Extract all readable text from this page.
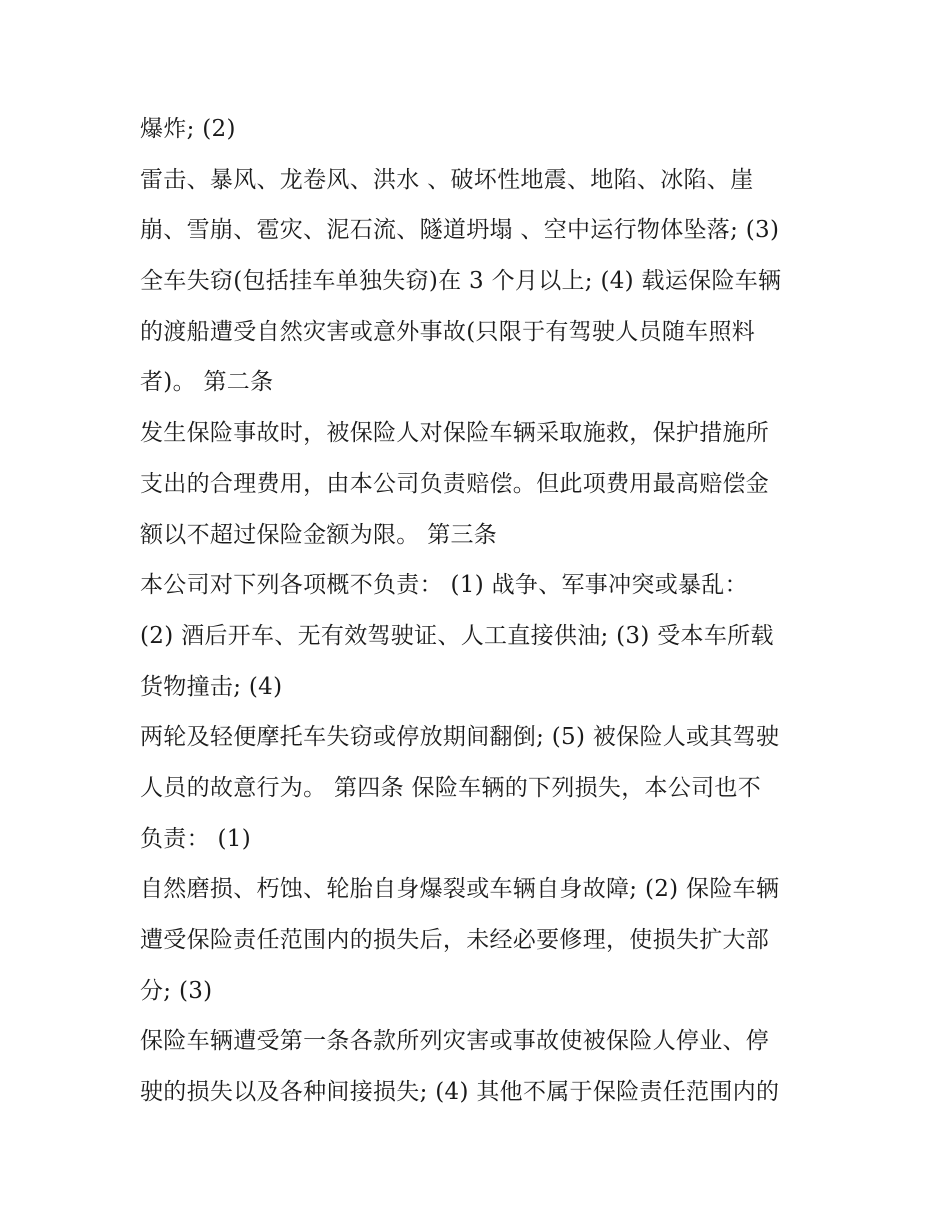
爆炸; (2)
雷击、暴风、龙卷风、洪水 、破坏性地震、地陷、冰陷、崖
崩、雪崩、雹灾、泥石流、隧道坍塌 、空中运行物体坠落; (3)
全车失窃(包括挂车单独失窃)在 3 个月以上; (4) 载运保险车辆
的渡船遭受自然灾害或意外事故(只限于有驾驶人员随车照料
者)。 第二条
发生保险事故时，被保险人对保险车辆采取施救，保护措施所
支出的合理费用，由本公司负责赔偿。但此项费用最高赔偿金
额以不超过保险金额为限。 第三条
本公司对下列各项概不负责： (1) 战争、军事冲突或暴乱：
(2) 酒后开车、无有效驾驶证、人工直接供油; (3) 受本车所载
货物撞击; (4)
两轮及轻便摩托车失窃或停放期间翻倒; (5) 被保险人或其驾驶
人员的故意行为。 第四条 保险车辆的下列损失，本公司也不
负责： (1)
自然磨损、朽蚀、轮胎自身爆裂或车辆自身故障; (2) 保险车辆
遭受保险责任范围内的损失后，未经必要修理，使损失扩大部
分; (3)
保险车辆遭受第一条各款所列灾害或事故使被保险人停业、停
驶的损失以及各种间接损失; (4) 其他不属于保险责任范围内的
